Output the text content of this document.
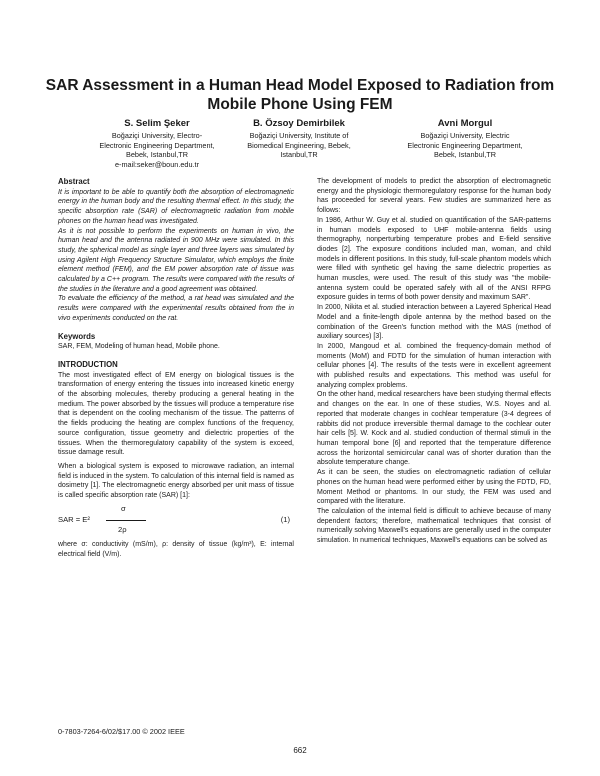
SAR Assessment in a Human Head Model Exposed to Radiation from Mobile Phone Using FEM
S. Selim Şeker
Boğaziçi University, Electro-
Electronic Engineering Department,
Bebek, Istanbul,TR
e-mail:seker@boun.edu.tr
B. Özsoy Demirbilek
Boğaziçi University, Institute of
Biomedical Engineering, Bebek,
Istanbul,TR
Avni Morgul
Boğaziçi University, Electric
Electronic Engineering Department,
Bebek, Istanbul,TR
Abstract

It is important to be able to quantify both the absorption of electromagnetic energy in the human body and the resulting thermal effect. In this study, the specific absorption rate (SAR) of electromagnetic radiation from mobile phones on the human head was investigated.

As it is not possible to perform the experiments on human in vivo, the human head and the antenna radiated in 900 MHz were simulated. In this study, the spherical model as single layer and three layers was simulated by using Agilent High Frequency Structure Simulator, which employs the finite element method (FEM), and the EM power absorption rate of tissue was calculated by a C++ program. The results were compared with the results of the studies in the literature and a good agreement was obtained.

To evaluate the efficiency of the method, a rat head was simulated and the results were compared with the experimental results obtained from the in vivo experiments conducted on the rat.

Keywords

SAR, FEM, Modeling of human head, Mobile phone.

INTRODUCTION

The most investigated effect of EM energy on biological tissues is the transformation of energy entering the tissues into increased kinetic energy of the absorbing molecules, thereby producing a general heating in the medium. The power absorbed by the tissues will produce a temperature rise that is dependent on the cooling mechanism of the tissue. The patterns of the fields producing the heating are complex functions of the frequency, source configuration, tissue geometry and dielectric properties of the tissues. When the thermoregulatory capability of the system is exceed, tissue damage result.

When a biological system is exposed to microwave radiation, an internal field is induced in the system. To calculation of this internal field is named as dosimetry [1]. The electromagnetic energy absorbed per unit mass of tissue is called specific absorption rate (SAR) [1]:

σ
SAR = E²
2ρ
(1)

where σ: conductivity (mS/m), ρ: density of tissue (kg/m³), E: internal electrical field (V/m).

The development of models to predict the absorption of electromagnetic energy and the physiologic thermoregulatory response for the human body has proceeded for several years. Few studies are summarized here as follows:

In 1986, Arthur W. Guy et al. studied on quantification of the SAR-patterns in human models exposed to UHF mobile-antenna fields using thermography, nonperturbing temperature probes and E-field sensitive diodes [2]. The exposure conditions included man, woman, and child models in different positions. In this study, full-scale phantom models which were filled with synthetic gel having the same dielectric properties as human muscles, were used. The result of this study was "the mobile-antenna system could be operated safely with all of the ANSI RFPG exposure guides in terms of both power density and maximum SAR".

In 2000, Nikita et al. studied interaction between a Layered Spherical Head Model and a finite-length dipole antenna by the method based on the combination of the Green's function method with the MAS (method of auxiliary sources) [3].

In 2000, Mangoud et al. combined the frequency-domain method of moments (MoM) and FDTD for the simulation of human interaction with cellular phones [4]. The results of the tests were in excellent agreement with published results and expectations. This method was useful for analyzing complex problems.

On the other hand, medical researchers have been studying thermal effects and changes on the ear. In one of these studies, W.S. Noyes and al. reported that moderate changes in cochlear temperature (3-4 degrees of rabbits did not produce irreversible thermal damage to the cochlear outer hair cells [5]. W. Kock and al. studied conduction of thermal stimuli in the human temporal bone [6] and reported that the temperature difference across the horizontal semicircular canal was of shorter duration than the absolute temperature change.

As it can be seen, the studies on electromagnetic radiation of cellular phones on the human head were performed either by using the FDTD, FD, Moment Method or phantoms. In our study, the FEM was used and compared with the literature.

The calculation of the internal field is difficult to achieve because of many dependent factors; therefore, mathematical techniques that consist of numerically solving Maxwell's equations are generally used in the computer simulation. In numerical techniques, Maxwell's equations can be solved as

0-7803-7264-6/02/$17.00 © 2002 IEEE
662
